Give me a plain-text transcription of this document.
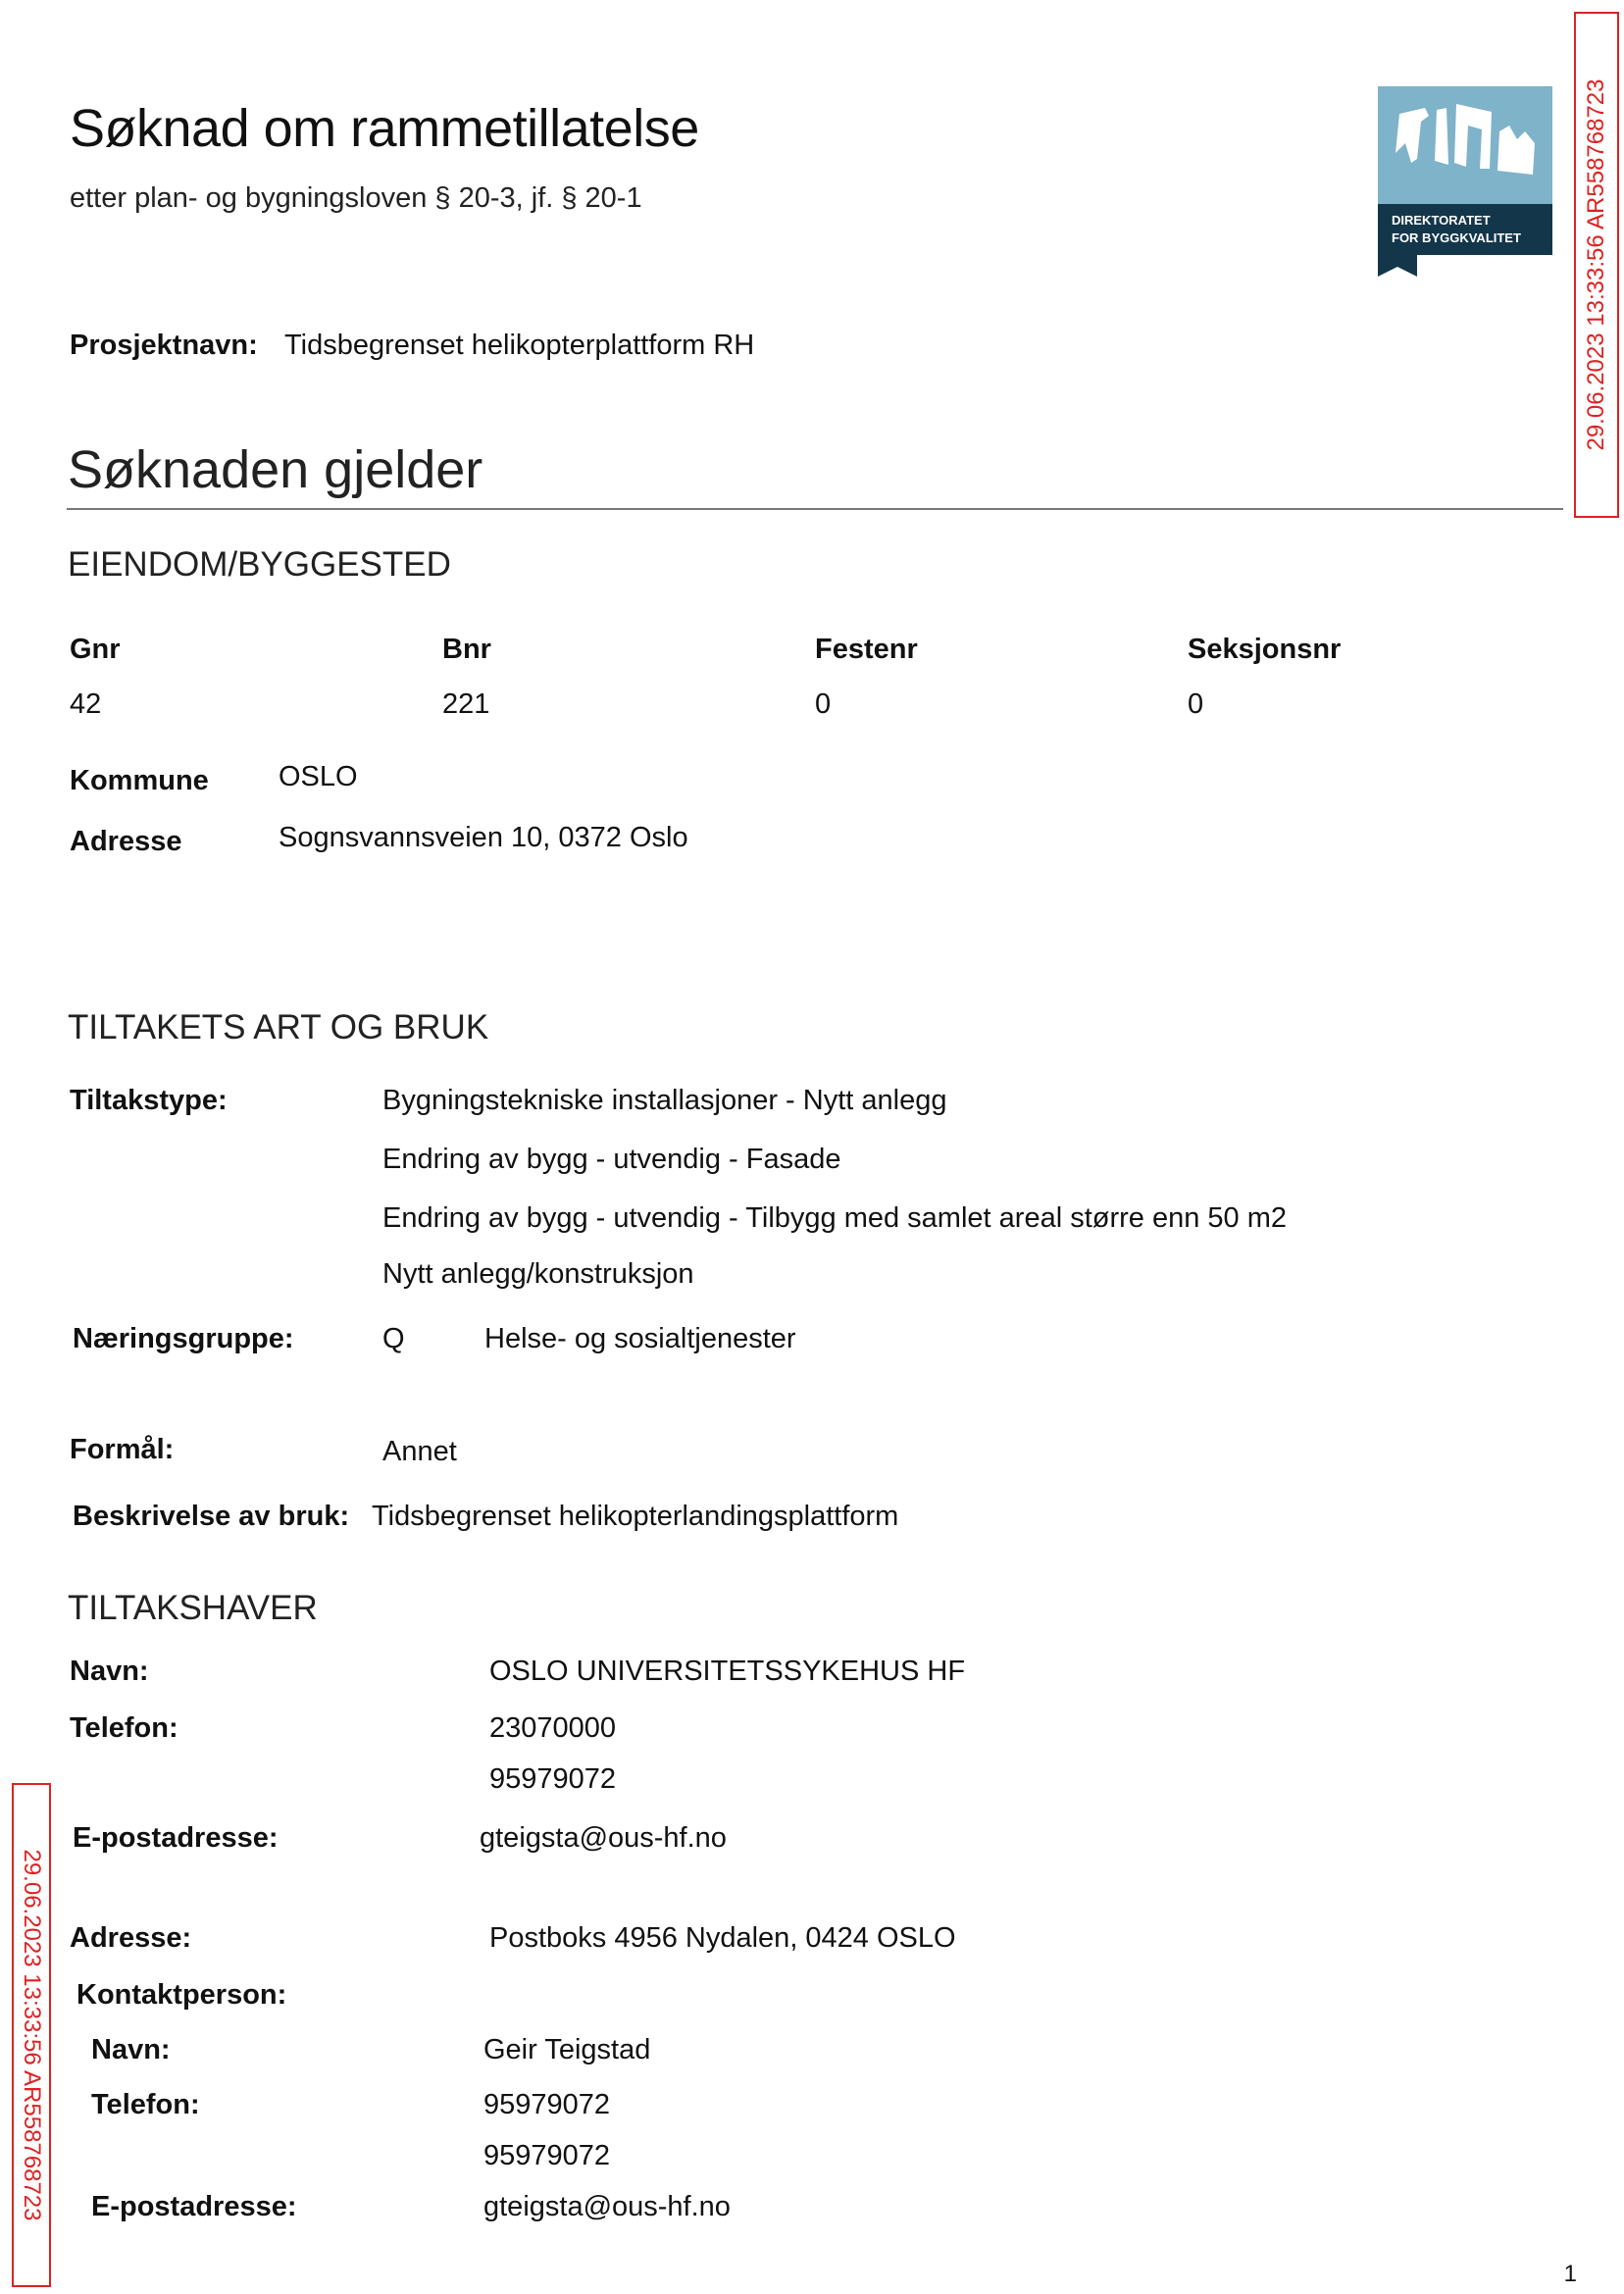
Søknad om rammetillatelse
etter plan- og bygningsloven § 20-3, jf. § 20-1
DIREKTORATET
FOR BYGGKVALITET	29.06.2023 13:33:56 AR558768723
29.06.2023 13:33:56 AR558768723
Prosjektnavn: Tidsbegrenset helikopterplattform RH
Søknaden gjelder
EIENDOM/BYGGESTED
Gnr	Bnr	Festenr	Seksjonsnr
42	221	0	0
Kommune OSLO
Adresse	Sognsvannsveien 10, 0372 Oslo
TILTAKETS ART OG BRUK
Tiltakstype:	Bygningstekniske installasjoner - Nytt anlegg
Endring av bygg - utvendig - Fasade
Endring av bygg - utvendig - Tilbygg med samlet areal større enn 50 m2
Nytt anlegg/konstruksjon
Næringsgruppe:	Q	Helse- og sosialtjenester
Formål:	Annet
Beskrivelse av bruk: Tidsbegrenset helikopterlandingsplattform
TILTAKSHAVER
Navn:	OSLO UNIVERSITETSSYKEHUS HF
Telefon:	23070000
95979072
E-postadresse:	gteigsta@ous-hf.no
Adresse:	Postboks 4956 Nydalen, 0424 OSLO
Kontaktperson:
Navn:	Geir Teigstad
Telefon:	95979072
95979072
E-postadresse:	gteigsta@ous-hf.no
1
